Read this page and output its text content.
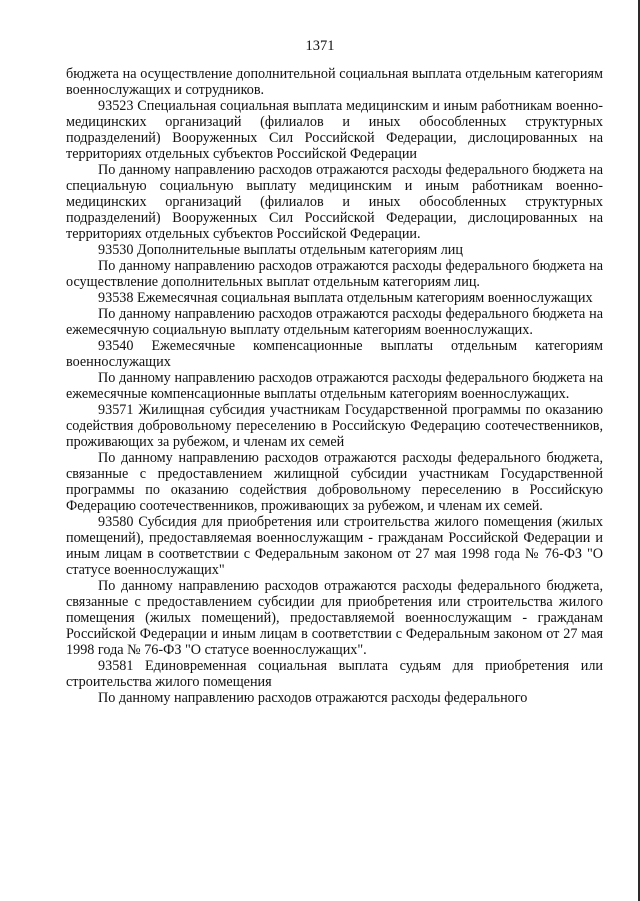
1371

бюджета на осуществление дополнительной социальная выплата отдельным категориям военнослужащих и сотрудников.

93523 Специальная социальная выплата медицинским и иным работникам военно-медицинских организаций (филиалов и иных обособленных структурных подразделений) Вооруженных Сил Российской Федерации, дислоцированных на территориях отдельных субъектов Российской Федерации

По данному направлению расходов отражаются расходы федерального бюджета на специальную социальную выплату медицинским и иным работникам военно-медицинских организаций (филиалов и иных обособленных структурных подразделений) Вооруженных Сил Российской Федерации, дислоцированных на территориях отдельных субъектов Российской Федерации.

93530 Дополнительные выплаты отдельным категориям лиц

По данному направлению расходов отражаются расходы федерального бюджета на осуществление дополнительных выплат отдельным категориям лиц.

93538 Ежемесячная социальная выплата отдельным категориям военнослужащих

По данному направлению расходов отражаются расходы федерального бюджета на ежемесячную социальную выплату отдельным категориям военнослужащих.

93540 Ежемесячные компенсационные выплаты отдельным категориям военнослужащих

По данному направлению расходов отражаются расходы федерального бюджета на ежемесячные компенсационные выплаты отдельным категориям военнослужащих.

93571 Жилищная субсидия участникам Государственной программы по оказанию содействия добровольному переселению в Российскую Федерацию соотечественников, проживающих за рубежом, и членам их семей

По данному направлению расходов отражаются расходы федерального бюджета, связанные с предоставлением жилищной субсидии участникам Государственной программы по оказанию содействия добровольному переселению в Российскую Федерацию соотечественников, проживающих за рубежом, и членам их семей.

93580 Субсидия для приобретения или строительства жилого помещения (жилых помещений), предоставляемая военнослужащим - гражданам Российской Федерации и иным лицам в соответствии с Федеральным законом от 27 мая 1998 года № 76-ФЗ "О статусе военнослужащих"

По данному направлению расходов отражаются расходы федерального бюджета, связанные с предоставлением субсидии для приобретения или строительства жилого помещения (жилых помещений), предоставляемой военнослужащим - гражданам Российской Федерации и иным лицам в соответствии с Федеральным законом от 27 мая 1998 года № 76-ФЗ "О статусе военнослужащих".

93581 Единовременная социальная выплата судьям для приобретения или строительства жилого помещения

По данному направлению расходов отражаются расходы федерального
